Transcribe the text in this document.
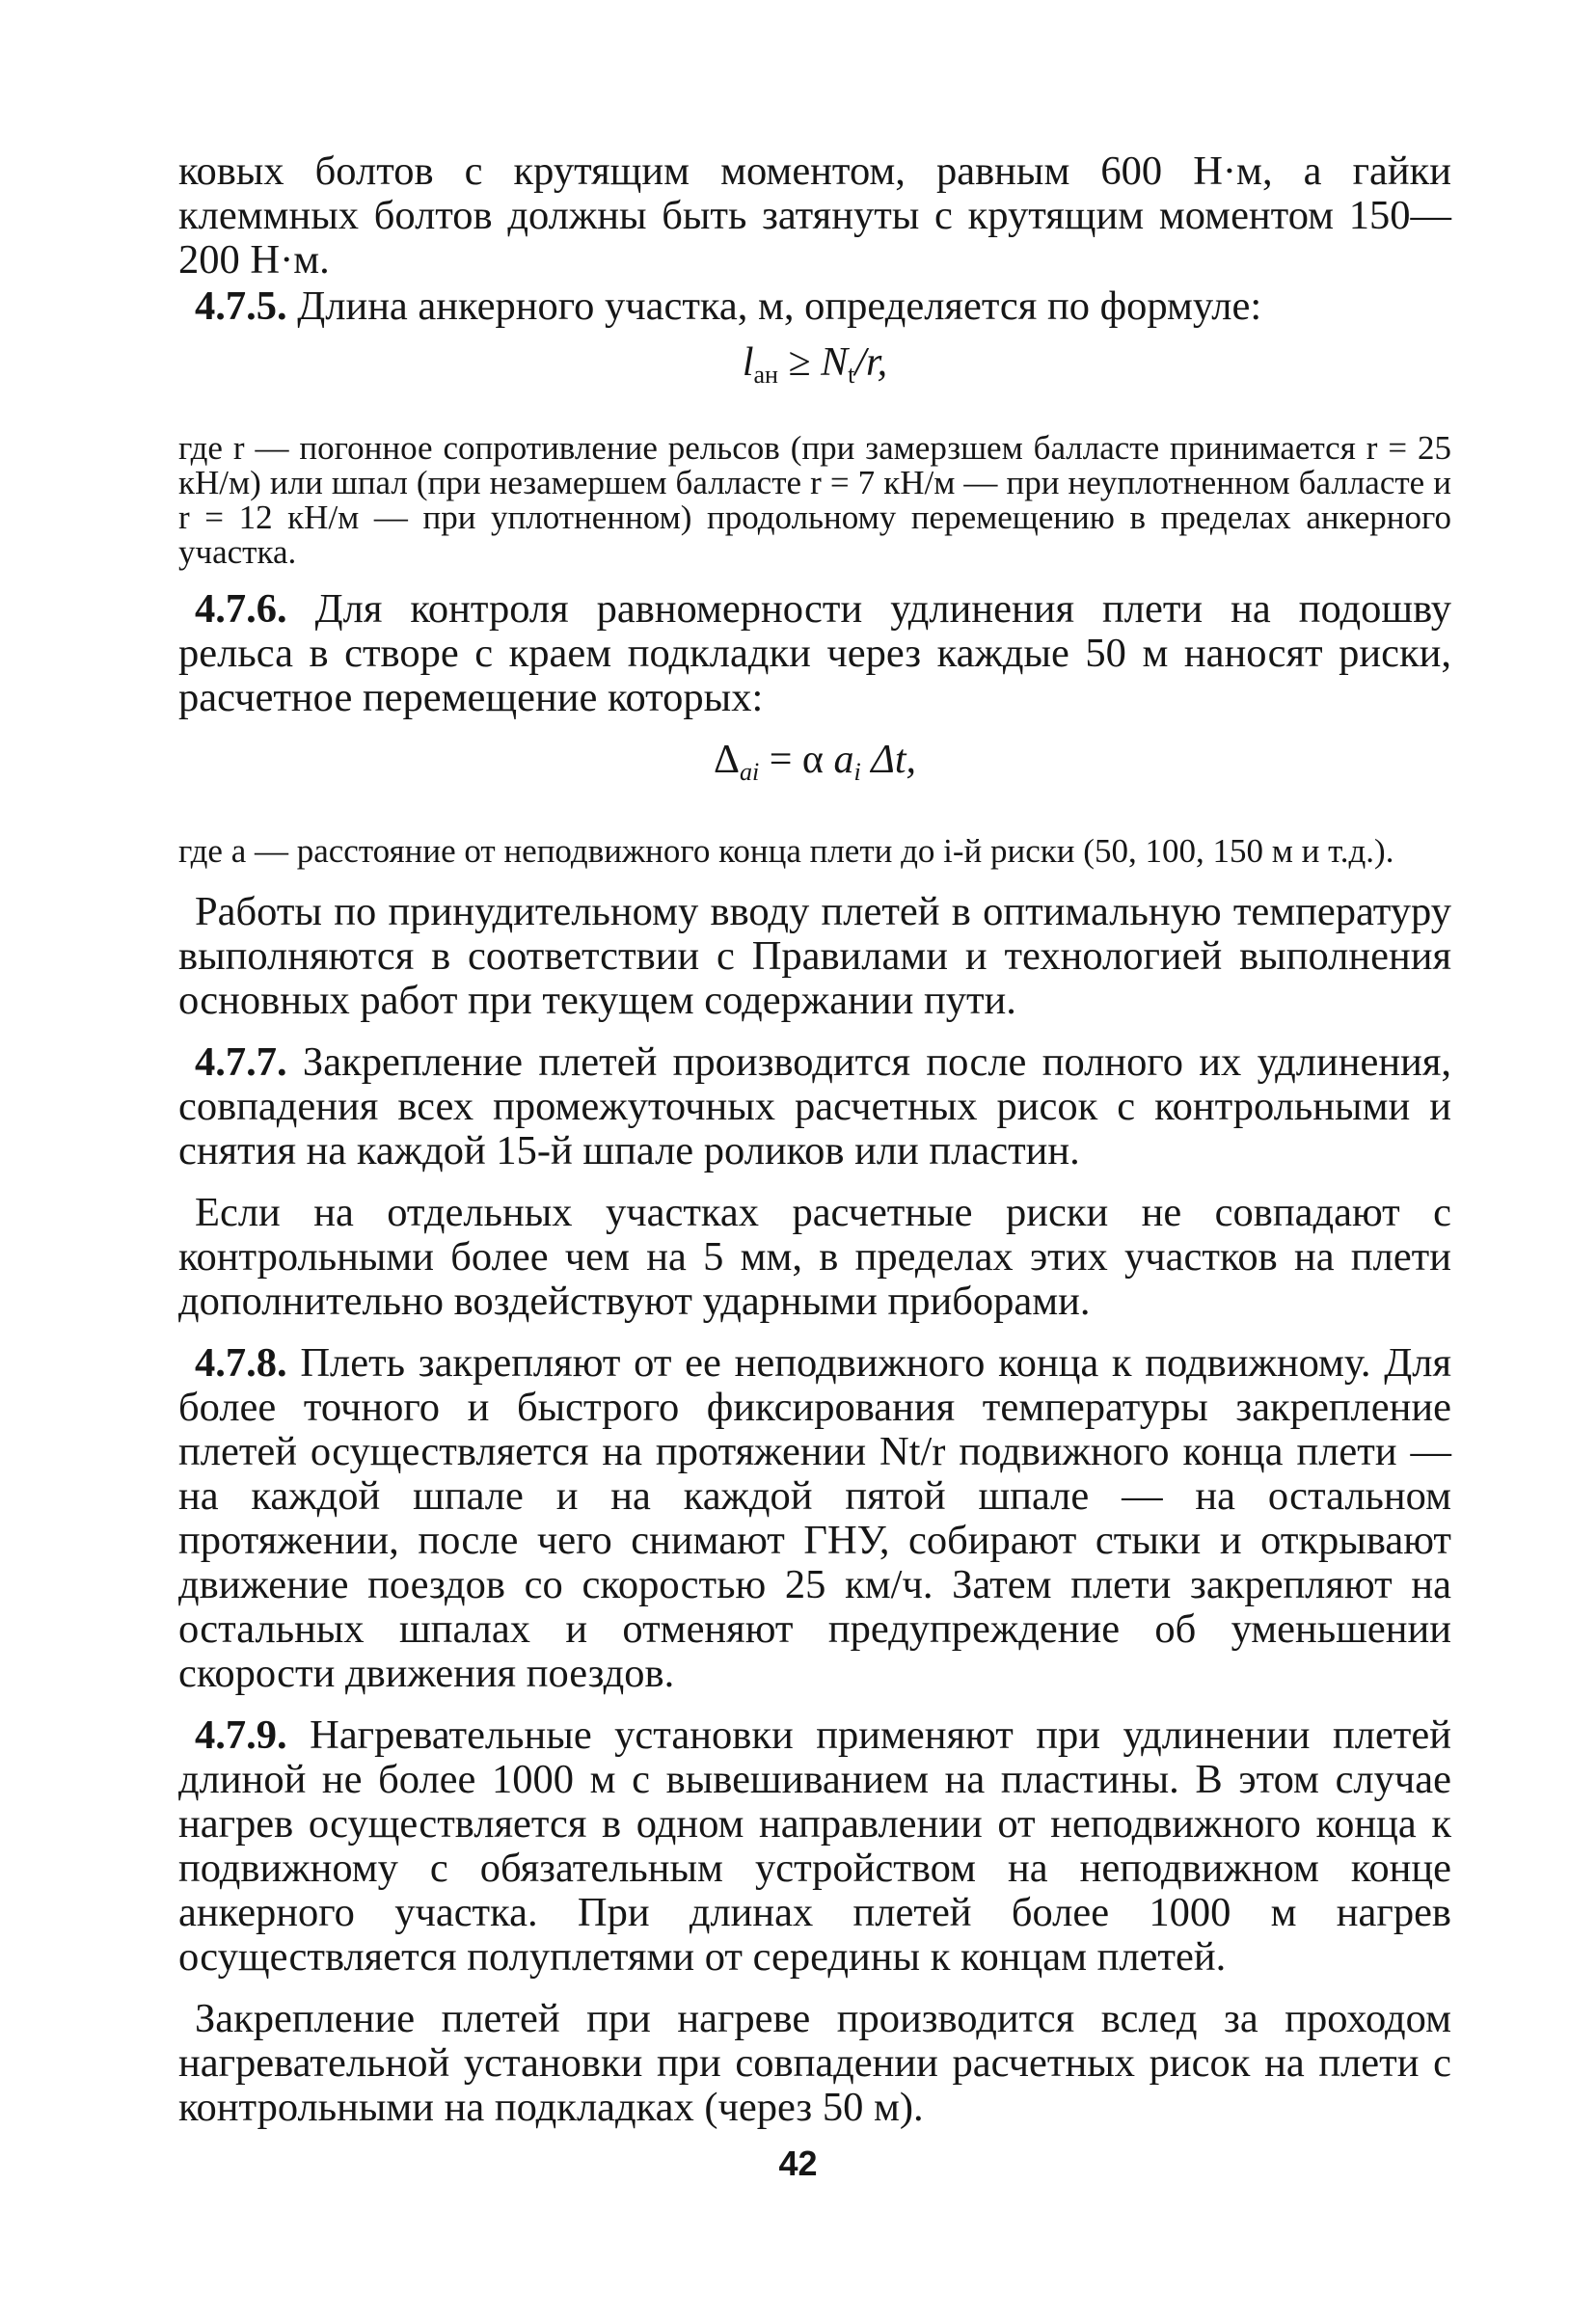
ковых болтов с крутящим моментом, равным 600 Н·м, а гайки клеммных болтов должны быть затянуты с крутящим моментом 150—200 Н·м.

4.7.5. Длина анкерного участка, м, определяется по формуле:

$l_{ан} \ge N_t/r$,

где r — погонное сопротивление рельсов (при замерзшем балласте принимается r = 25 кН/м) или шпал (при незамершем балласте r = 7 кН/м — при неуплотненном балласте и r = 12 кН/м — при уплотненном) продольному перемещению в пределах анкерного участка.

4.7.6. Для контроля равномерности удлинения плети на подошву рельса в створе с краем подкладки через каждые 50 м наносят риски, расчетное перемещение которых:

$\Delta_{ai} = \alpha$ $a_i$ Δt,

где a — расстояние от неподвижного конца плети до i-й риски (50, 100, 150 м и т.д.).

Работы по принудительному вводу плетей в оптимальную температуру выполняются в соответствии с Правилами и технологией выполнения основных работ при текущем содержании пути.

4.7.7. Закрепление плетей производится после полного их удлинения, совпадения всех промежуточных расчетных рисок с контрольными и снятия на каждой 15-й шпале роликов или пластин.

Если на отдельных участках расчетные риски не совпадают с контрольными более чем на 5 мм, в пределах этих участков на плети дополнительно воздействуют ударными приборами.

4.7.8. Плеть закрепляют от ее неподвижного конца к подвижному. Для более точного и быстрого фиксирования температуры закрепление плетей осуществляется на протяжении Nt/r подвижного конца плети — на каждой шпале и на каждой пятой шпале — на остальном протяжении, после чего снимают ГНУ, собирают стыки и открывают движение поездов со скоростью 25 км/ч. Затем плети закрепляют на остальных шпалах и отменяют предупреждение об уменьшении скорости движения поездов.

4.7.9. Нагревательные установки применяют при удлинении плетей длиной не более 1000 м с вывешиванием на пластины. В этом случае нагрев осуществляется в одном направлении от неподвижного конца к подвижному с обязательным устройством на неподвижном конце анкерного участка. При длинах плетей более 1000 м нагрев осуществляется полуплетями от середины к концам плетей.

Закрепление плетей при нагреве производится вслед за проходом нагревательной установки при совпадении расчетных рисок на плети с контрольными на подкладках (через 50 м).

42
